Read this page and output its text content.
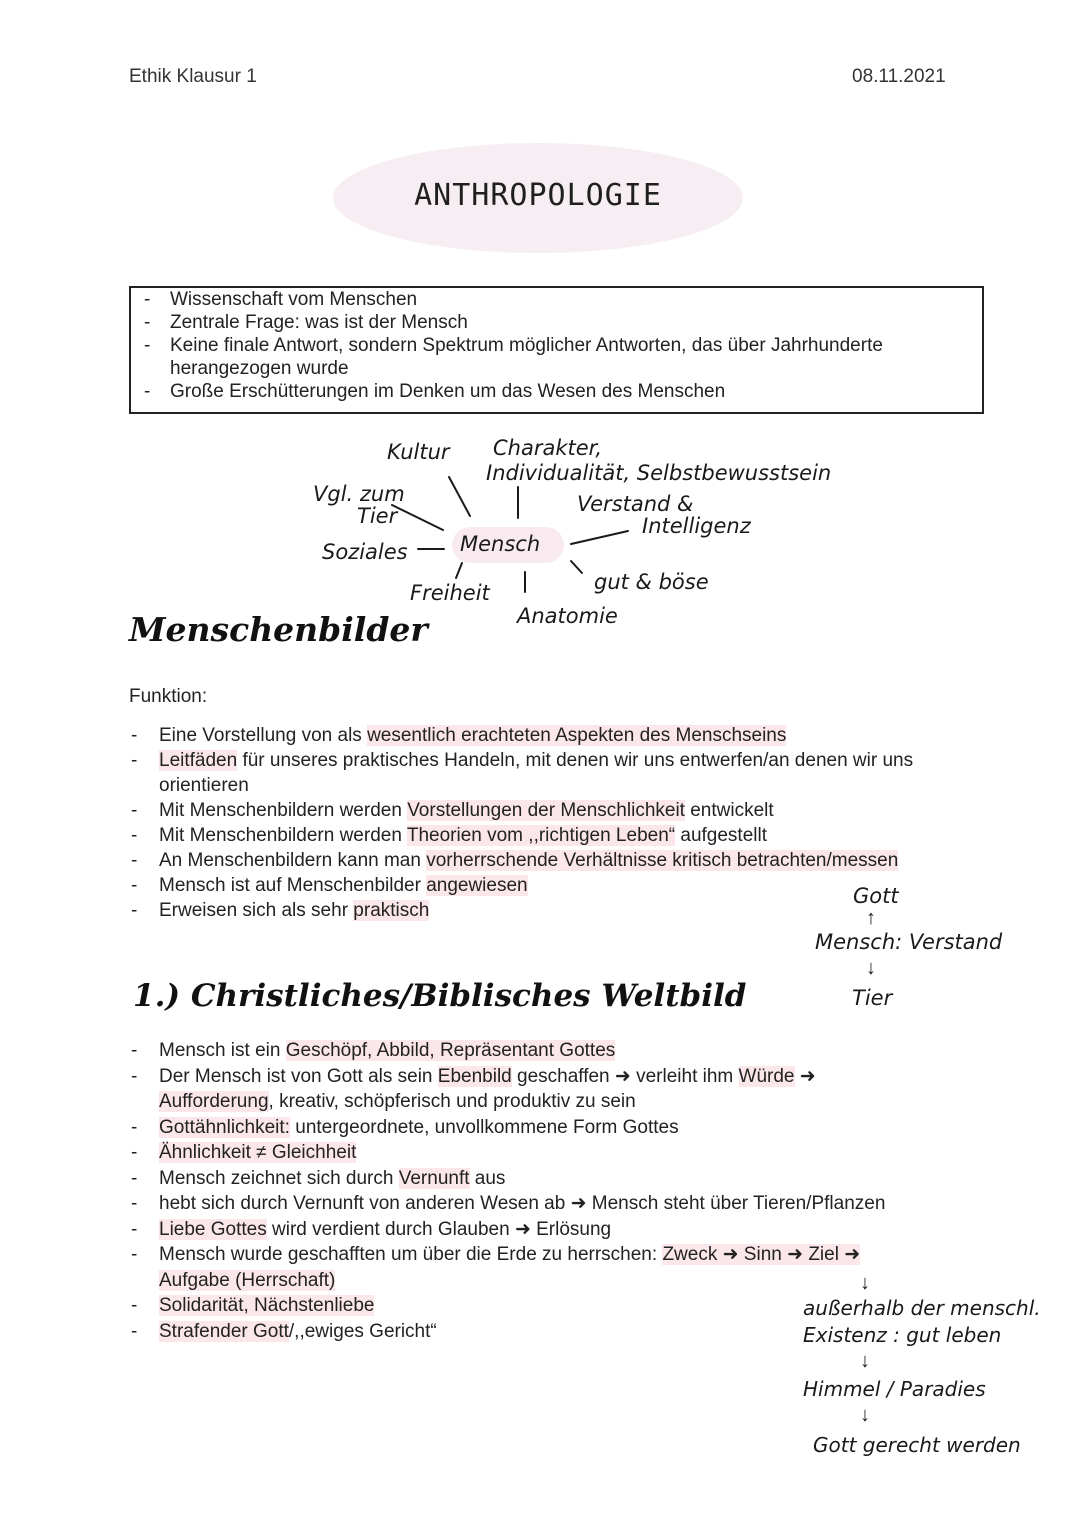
Ethik Klausur 1	08.11.2021
ANTHROPOLOGIE
- Wissenschaft vom Menschen
- Zentrale Frage: was ist der Mensch
- Keine finale Antwort, sondern Spektrum möglicher Antworten, das über Jahrhunderte herangezogen wurde
- Große Erschütterungen im Denken um das Wesen des Menschen
Kultur Charakter,
Individualität, Selbstbewusstsein
Vgl. zum
Tier	Verstand &
Intelligenz
Soziales Mensch
Freiheit	gut & böse
Anatomie
Menschenbilder
Funktion:
- Eine Vorstellung von als wesentlich erachteten Aspekten des Menschseins
- Leitfäden für unseres praktisches Handeln, mit denen wir uns entwerfen/an denen wir uns orientieren
- Mit Menschenbildern werden Vorstellungen der Menschlichkeit entwickelt
- Mit Menschenbildern werden Theorien vom ,,richtigen Leben“ aufgestellt
- An Menschenbildern kann man vorherrschende Verhältnisse kritisch betrachten/messen
- Mensch ist auf Menschenbilder angewiesen
- Erweisen sich als sehr praktisch
Gott
↑
Mensch: Verstand
↓
Tier
1.) Christliches/Biblisches Weltbild
- Mensch ist ein Geschöpf, Abbild, Repräsentant Gottes
- Der Mensch ist von Gott als sein Ebenbild geschaffen ➜ verleiht ihm Würde ➜ Aufforderung, kreativ, schöpferisch und produktiv zu sein
- Gottähnlichkeit: untergeordnete, unvollkommene Form Gottes
- Ähnlichkeit ≠ Gleichheit
- Mensch zeichnet sich durch Vernunft aus
- hebt sich durch Vernunft von anderen Wesen ab ➜ Mensch steht über Tieren/Pflanzen
- Liebe Gottes wird verdient durch Glauben ➜ Erlösung
- Mensch wurde geschafften um über die Erde zu herrschen: Zweck ➜ Sinn ➜ Ziel ➜ Aufgabe (Herrschaft)
- Solidarität, Nächstenliebe
- Strafender Gott/,,ewiges Gericht“
↓
außerhalb der menschl.
Existenz : gut leben
↓
Himmel / Paradies
↓
Gott gerecht werden
